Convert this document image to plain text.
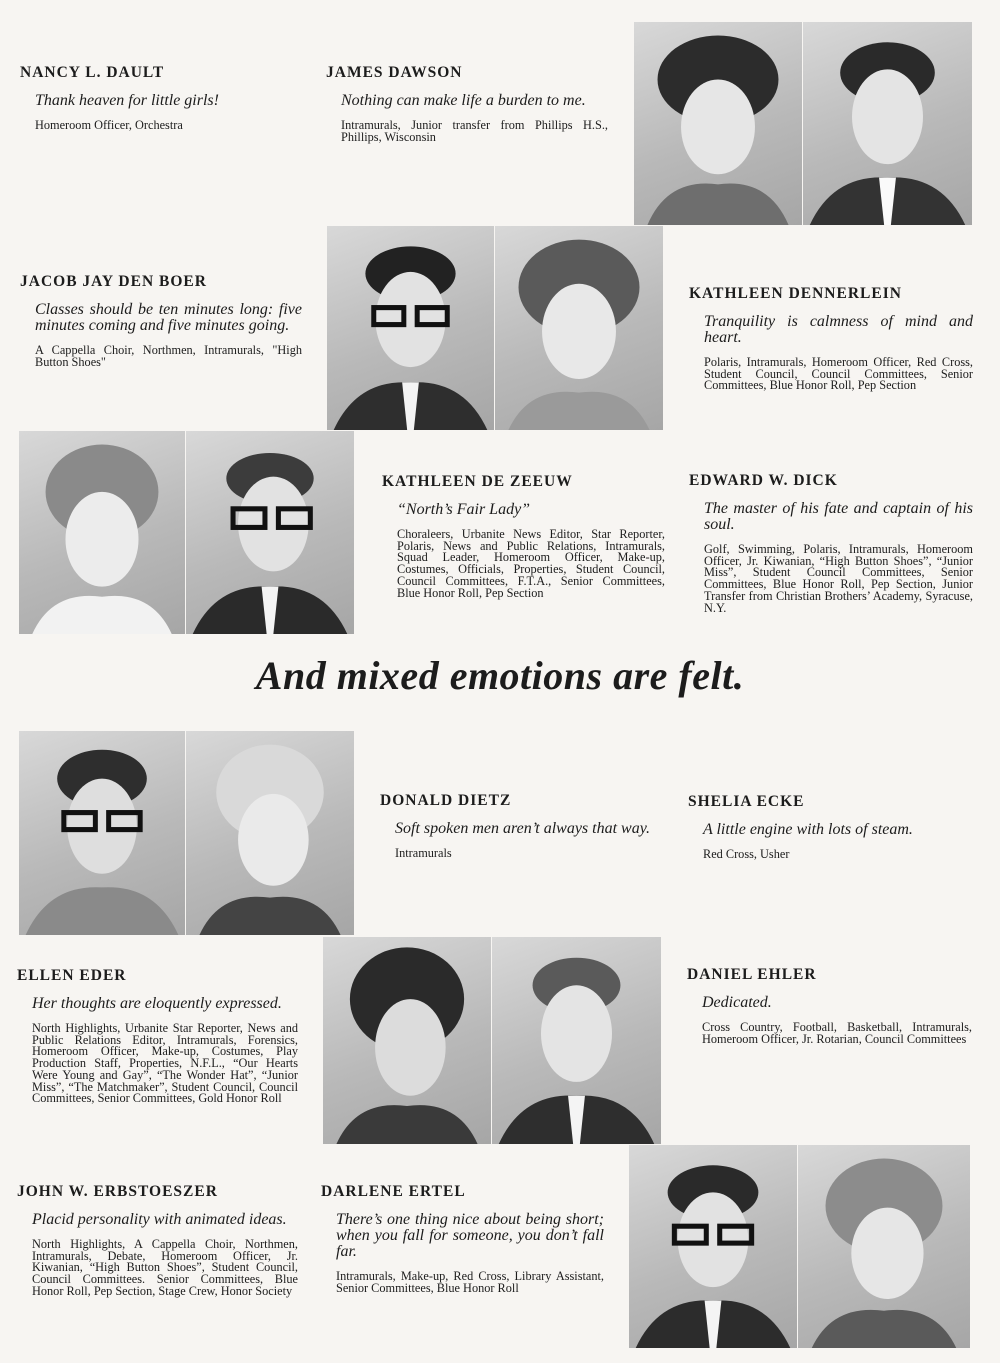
NANCY L. DAULT

Thank heaven for little girls!

Homeroom Officer, Orchestra

JAMES DAWSON

Nothing can make life a burden to me.

Intramurals, Junior transfer from Phillips H.S., Phillips, Wisconsin

JACOB JAY DEN BOER

Classes should be ten minutes long: five minutes coming and five minutes going.

A Cappella Choir, Northmen, Intramurals, "High Button Shoes"

KATHLEEN DENNERLEIN

Tranquility is calmness of mind and heart.

Polaris, Intramurals, Homeroom Officer, Red Cross, Student Council, Council Committees, Senior Committees, Blue Honor Roll, Pep Section

KATHLEEN DE ZEEUW

“North’s Fair Lady”

Choraleers, Urbanite News Editor, Star Reporter, Polaris, News and Public Relations, Intramurals, Squad Leader, Homeroom Officer, Make-up, Costumes, Officials, Properties, Student Council, Council Committees, F.T.A., Senior Committees, Blue Honor Roll, Pep Section

EDWARD W. DICK

The master of his fate and captain of his soul.

Golf, Swimming, Polaris, Intramurals, Homeroom Officer, Jr. Kiwanian, “High Button Shoes”, “Junior Miss”, Student Council Committees, Senior Committees, Blue Honor Roll, Pep Section, Junior Transfer from Christian Brothers’ Academy, Syracuse, N.Y.

And mixed emotions are felt.

DONALD DIETZ

Soft spoken men aren’t always that way.

Intramurals

SHELIA ECKE

A little engine with lots of steam.

Red Cross, Usher

ELLEN EDER

Her thoughts are eloquently expressed.

North Highlights, Urbanite Star Reporter, News and Public Relations Editor, Intramurals, Forensics, Homeroom Officer, Make-up, Costumes, Play Production Staff, Properties, N.F.L., “Our Hearts Were Young and Gay”, “The Wonder Hat”, “Junior Miss”, “The Matchmaker”, Student Council, Council Committees, Senior Committees, Gold Honor Roll

DANIEL EHLER

Dedicated.

Cross Country, Football, Basketball, Intramurals, Homeroom Officer, Jr. Rotarian, Council Committees

JOHN W. ERBSTOESZER

Placid personality with animated ideas.

North Highlights, A Cappella Choir, Northmen, Intramurals, Debate, Homeroom Officer, Jr. Kiwanian, “High Button Shoes”, Student Council, Council Committees. Senior Committees, Blue Honor Roll, Pep Section, Stage Crew, Honor Society

DARLENE ERTEL

There’s one thing nice about being short; when you fall for someone, you don’t fall far.

Intramurals, Make-up, Red Cross, Library Assistant, Senior Committees, Blue Honor Roll
